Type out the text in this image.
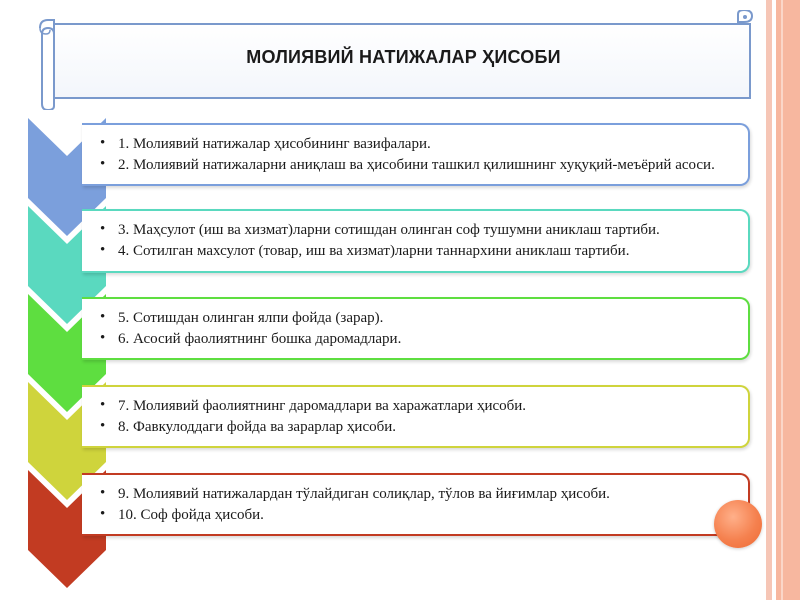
МОЛИЯВИЙ НАТИЖАЛАР ҲИСОБИ
• 1. Молиявий натижалар ҳисобининг вазифалари.
• 2. Молиявий натижаларни аниқлаш ва ҳисобини ташкил қилишнинг хуқуқий-меъёрий асоси.
• 3. Маҳсулот (иш ва хизмат)ларни сотишдан олинган соф тушумни аниклаш тартиби.
• 4. Сотилган махсулот (товар, иш ва хизмат)ларни таннархини аниклаш тартиби.
• 5. Сотишдан олинган ялпи фойда (зарар).
• 6. Асосий фаолиятнинг бошка даромадлари.
• 7. Молиявий фаолиятнинг даромадлари ва харажатлари ҳисоби.
• 8. Фавкулоддаги фойда ва зарарлар ҳисоби.
• 9. Молиявий натижалардан тўлайдиган солиқлар, тўлов ва йиғимлар ҳисоби.
• 10. Соф фойда ҳисоби.
